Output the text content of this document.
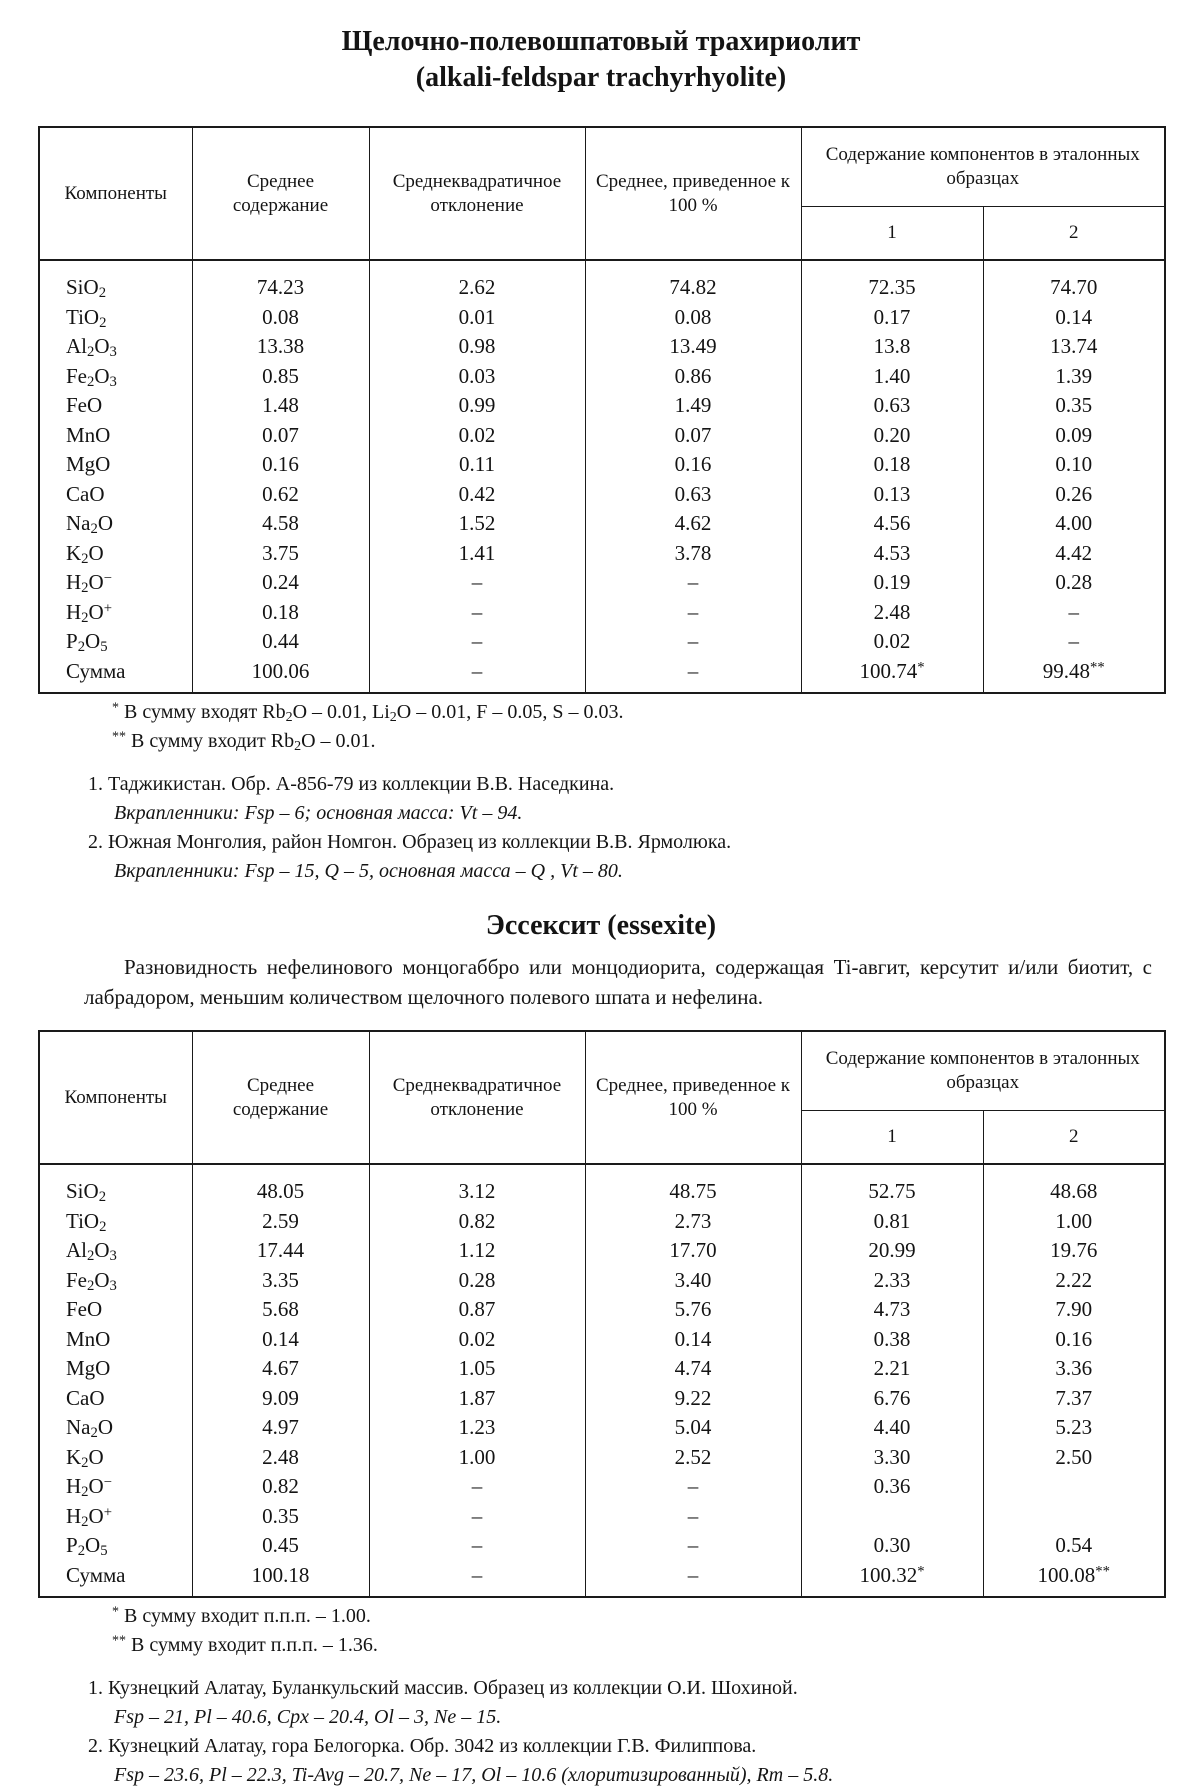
Щелочно-полевошпатовый трахириолит
(alkali-feldspar trachyrhyolite)
Компоненты	Среднее содержание	Среднеквадратичное отклонение	Среднее, приведенное к 100 %	Содержание компонентов в эталонных образцах	
				1	2
SiO$_2$	74.23	2.62	74.82	72.35	74.70
TiO$_2$	0.08	0.01	0.08	0.17	0.14
$Al_2O_3$	13.38	0.98	13.49	13.8	13.74
$Fe_2O_3$	0.85	0.03	0.86	1.40	1.39
FeO	1.48	0.99	1.49	0.63	0.35
MnO	0.07	0.02	0.07	0.20	0.09
MgO	0.16	0.11	0.16	0.18	0.10
CaO	0.62	0.42	0.63	0.13	0.26
$Na_2O$	4.58	1.52	4.62	4.56	4.00
$K_2O$	3.75	1.41	3.78	4.53	4.42
$H_2O^-$	0.24	–	–	0.19	0.28
$H_2O^+$	0.18	–	–	2.48	–
$P_2O_5$	0.44	–	–	0.02	–
Сумма	100.06	–	–	100.74*	99.48**
* В сумму входят $Rb_2O - 0.01$, $Li_2O - 0.01$, F – 0.05, S – 0.03.
** В сумму входит $Rb_2O - 0.01$.
1. Таджикистан. Обр. А-856-79 из коллекции В.В. Наседкина.
Вкрапленники: Fsp – 6; основная масса: Vt – 94.
2. Южная Монголия, район Номгон. Образец из коллекции В.В. Ярмолюка.
Вкрапленники: Fsp – 15, Q – 5, основная масса – Q , Vt – 80.
Эссексит (essexite)
Разновидность нефелинового монцогаббро или монцодиорита, содержащая Ti-авгит, керсутит и/или биотит, с лабрадором, меньшим количеством щелочного полевого шпата и нефелина.
Компоненты	Среднее содержание	Среднеквадратичное отклонение	Среднее, приведенное к 100 %	Содержание компонентов в эталонных образцах	
				1	2
SiO$_2$	48.05	3.12	48.75	52.75	48.68
TiO$_2$	2.59	0.82	2.73	0.81	1.00
$Al_2O_3$	17.44	1.12	17.70	20.99	19.76
$Fe_2O_3$	3.35	0.28	3.40	2.33	2.22
FeO	5.68	0.87	5.76	4.73	7.90
MnO	0.14	0.02	0.14	0.38	0.16
MgO	4.67	1.05	4.74	2.21	3.36
CaO	9.09	1.87	9.22	6.76	7.37
$Na_2O$	4.97	1.23	5.04	4.40	5.23
$K_2O$	2.48	1.00	2.52	3.30	2.50
$H_2O^-$	0.82	–	–	0.36	
$H_2O^+$	0.35	–	–		
$P_2O_5$	0.45	–	–	0.30	0.54
Сумма	100.18	–	–	100.32*	100.08**
* В сумму входит п.п.п. – 1.00.
** В сумму входит п.п.п. – 1.36.
1. Кузнецкий Алатау, Буланкульский массив. Образец из коллекции О.И. Шохиной.
Fsp – 21, Pl – 40.6, Cpx – 20.4, Ol – 3, Ne – 15.
2. Кузнецкий Алатау, гора Белогорка. Обр. 3042 из коллекции Г.В. Филиппова.
Fsp – 23.6, Pl – 22.3, Ti-Avg – 20.7, Ne – 17, Ol – 10.6 (хлоритизированный), Rm – 5.8.
